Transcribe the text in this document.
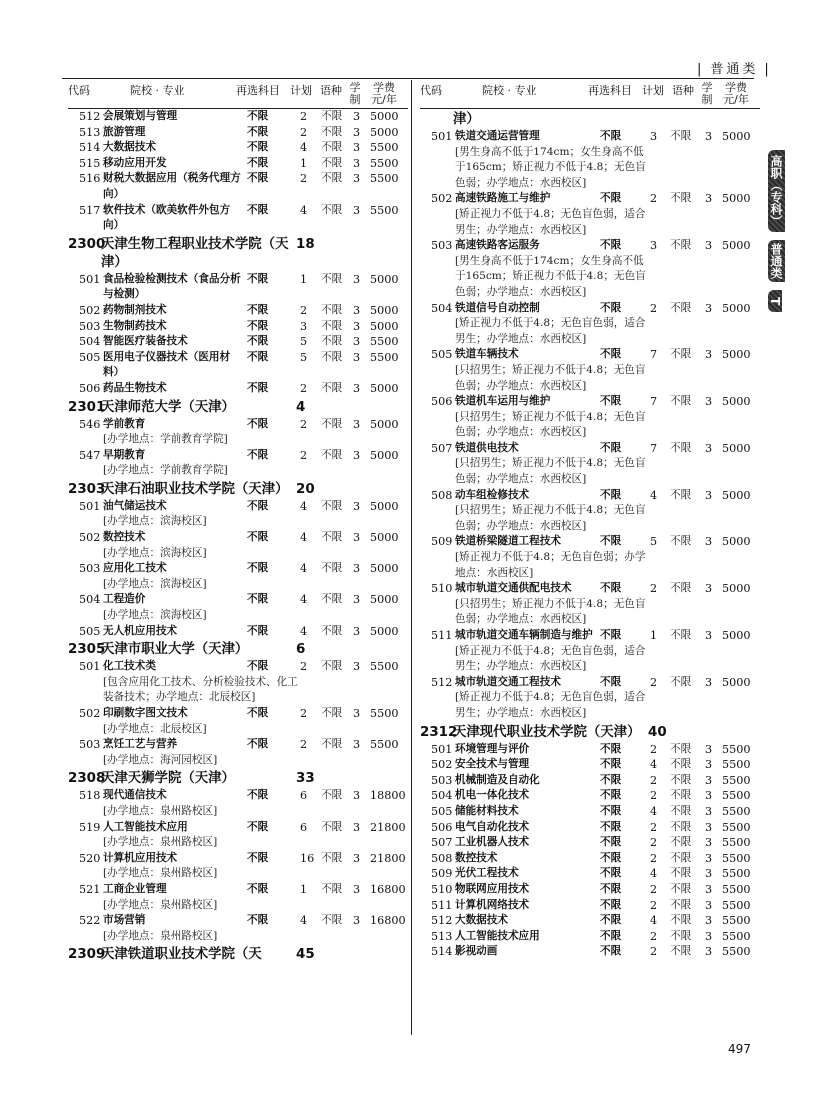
| 普通类 |
代码	院校 · 专业	再选科目 计划 语种 学制
学费元/年
512 会展策划与管理	不限	2 不限 3 5000
513 旅游管理	不限	2 不限 3 5000
514 大数据技术	不限	4 不限 3 5500
515 移动应用开发	不限	1 不限 3 5500
516 财税大数据应用（税务代理方向）
不限	2 不限 3 5500
517 软件技术（欧美软件外包方向）
不限	4 不限 3 5500
2300
天津生物工程职业技术学院（天津）
18
501 食品检验检测技术（食品分析与检测）
不限	1 不限 3 5000
502 药物制剂技术	不限	2 不限 3 5000
503 生物制药技术	不限	3 不限 3 5000
504 智能医疗装备技术	不限	5 不限 3 5500
505 医用电子仪器技术（医用材料）
不限	5 不限 3 5500
506 药品生物技术	不限	2 不限 3 5000
2301
天津师范大学（天津）	4
546 学前教育
[办学地点：学前教育学院]
不限	2 不限 3 5000
547 早期教育
[办学地点：学前教育学院]
不限	2 不限 3 5000
2303
天津石油职业技术学院（天津） 20
501 油气储运技术
[办学地点：滨海校区]
不限	4 不限 3 5000
502 数控技术
[办学地点：滨海校区]
不限	4 不限 3 5000
503 应用化工技术
[办学地点：滨海校区]
不限	4 不限 3 5000
504 工程造价
[办学地点：滨海校区]
不限	4 不限 3 5000
505 无人机应用技术	不限	4 不限 3 5000
2305
天津市职业大学（天津）	6
501 化工技术类
[包含应用化工技术、分析检验技术、化工装备技术；办学地点：北辰校区]
不限	2 不限 3 5500
502 印刷数字图文技术
[办学地点：北辰校区]
不限	2 不限 3 5500
503 烹饪工艺与营养
[办学地点：海河园校区]
不限	2 不限 3 5500
2308
天津天狮学院（天津）	33
518 现代通信技术
[办学地点：泉州路校区]
不限	6 不限 3 18800
519 人工智能技术应用
[办学地点：泉州路校区]
不限	6 不限 3 21800
520 计算机应用技术
[办学地点：泉州路校区]
不限	16 不限 3 21800
521 工商企业管理
[办学地点：泉州路校区]
不限	1 不限 3 16800
522 市场营销
[办学地点：泉州路校区]
不限	4 不限 3 16800
2309
天津铁道职业技术学院（天	45
代码	院校 · 专业	再选科目 计划 语种 学制
学费元/年
津）
501 铁道交通运营管理
[男生身高不低于174cm；女生身高不低于165cm；矫正视力不低于4.8；无色盲色弱；办学地点：水西校区]
不限	3 不限 3 5000
502 高速铁路施工与维护
[矫正视力不低于4.8；无色盲色弱，适合男生；办学地点：水西校区]
不限	2 不限 3 5000
503 高速铁路客运服务
[男生身高不低于174cm；女生身高不低于165cm；矫正视力不低于4.8；无色盲色弱；办学地点：水西校区]
不限	3 不限 3 5000
504 铁道信号自动控制
[矫正视力不低于4.8；无色盲色弱，适合男生；办学地点：水西校区]
不限	2 不限 3 5000
505 铁道车辆技术
[只招男生；矫正视力不低于4.8；无色盲色弱；办学地点：水西校区]
不限	7 不限 3 5000
506 铁道机车运用与维护
[只招男生；矫正视力不低于4.8；无色盲色弱；办学地点：水西校区]
不限	7 不限 3 5000
507 铁道供电技术
[只招男生；矫正视力不低于4.8；无色盲色弱；办学地点：水西校区]
不限	7 不限 3 5000
508 动车组检修技术
[只招男生；矫正视力不低于4.8；无色盲色弱；办学地点：水西校区]
不限	4 不限 3 5000
509 铁道桥梁隧道工程技术
[矫正视力不低于4.8；无色盲色弱；办学地点：水西校区]
不限	5 不限 3 5000
510 城市轨道交通供配电技术
[只招男生；矫正视力不低于4.8；无色盲色弱；办学地点：水西校区]
不限	2 不限 3 5000
511 城市轨道交通车辆制造与维护
[矫正视力不低于4.8；无色盲色弱，适合男生；办学地点：水西校区]
不限	1 不限 3 5000
512 城市轨道交通工程技术
[矫正视力不低于4.8；无色盲色弱，适合男生；办学地点：水西校区]
不限	2 不限 3 5000
2312
天津现代职业技术学院（天津） 40
501 环境管理与评价	不限	2 不限 3 5500
502 安全技术与管理	不限	4 不限 3 5500
503 机械制造及自动化	不限	2 不限 3 5500
504 机电一体化技术	不限	2 不限 3 5500
505 储能材料技术	不限	4 不限 3 5500
506 电气自动化技术	不限	2 不限 3 5500
507 工业机器人技术	不限	2 不限 3 5500
508 数控技术	不限	2 不限 3 5500
509 光伏工程技术	不限	4 不限 3 5500
510 物联网应用技术	不限	2 不限 3 5500
511 计算机网络技术	不限	2 不限 3 5500
512 大数据技术	不限	4 不限 3 5500
513 人工智能技术应用	不限	2 不限 3 5500
514 影视动画	不限	2 不限 3 5500
高职（专科）
普通类
T
497
